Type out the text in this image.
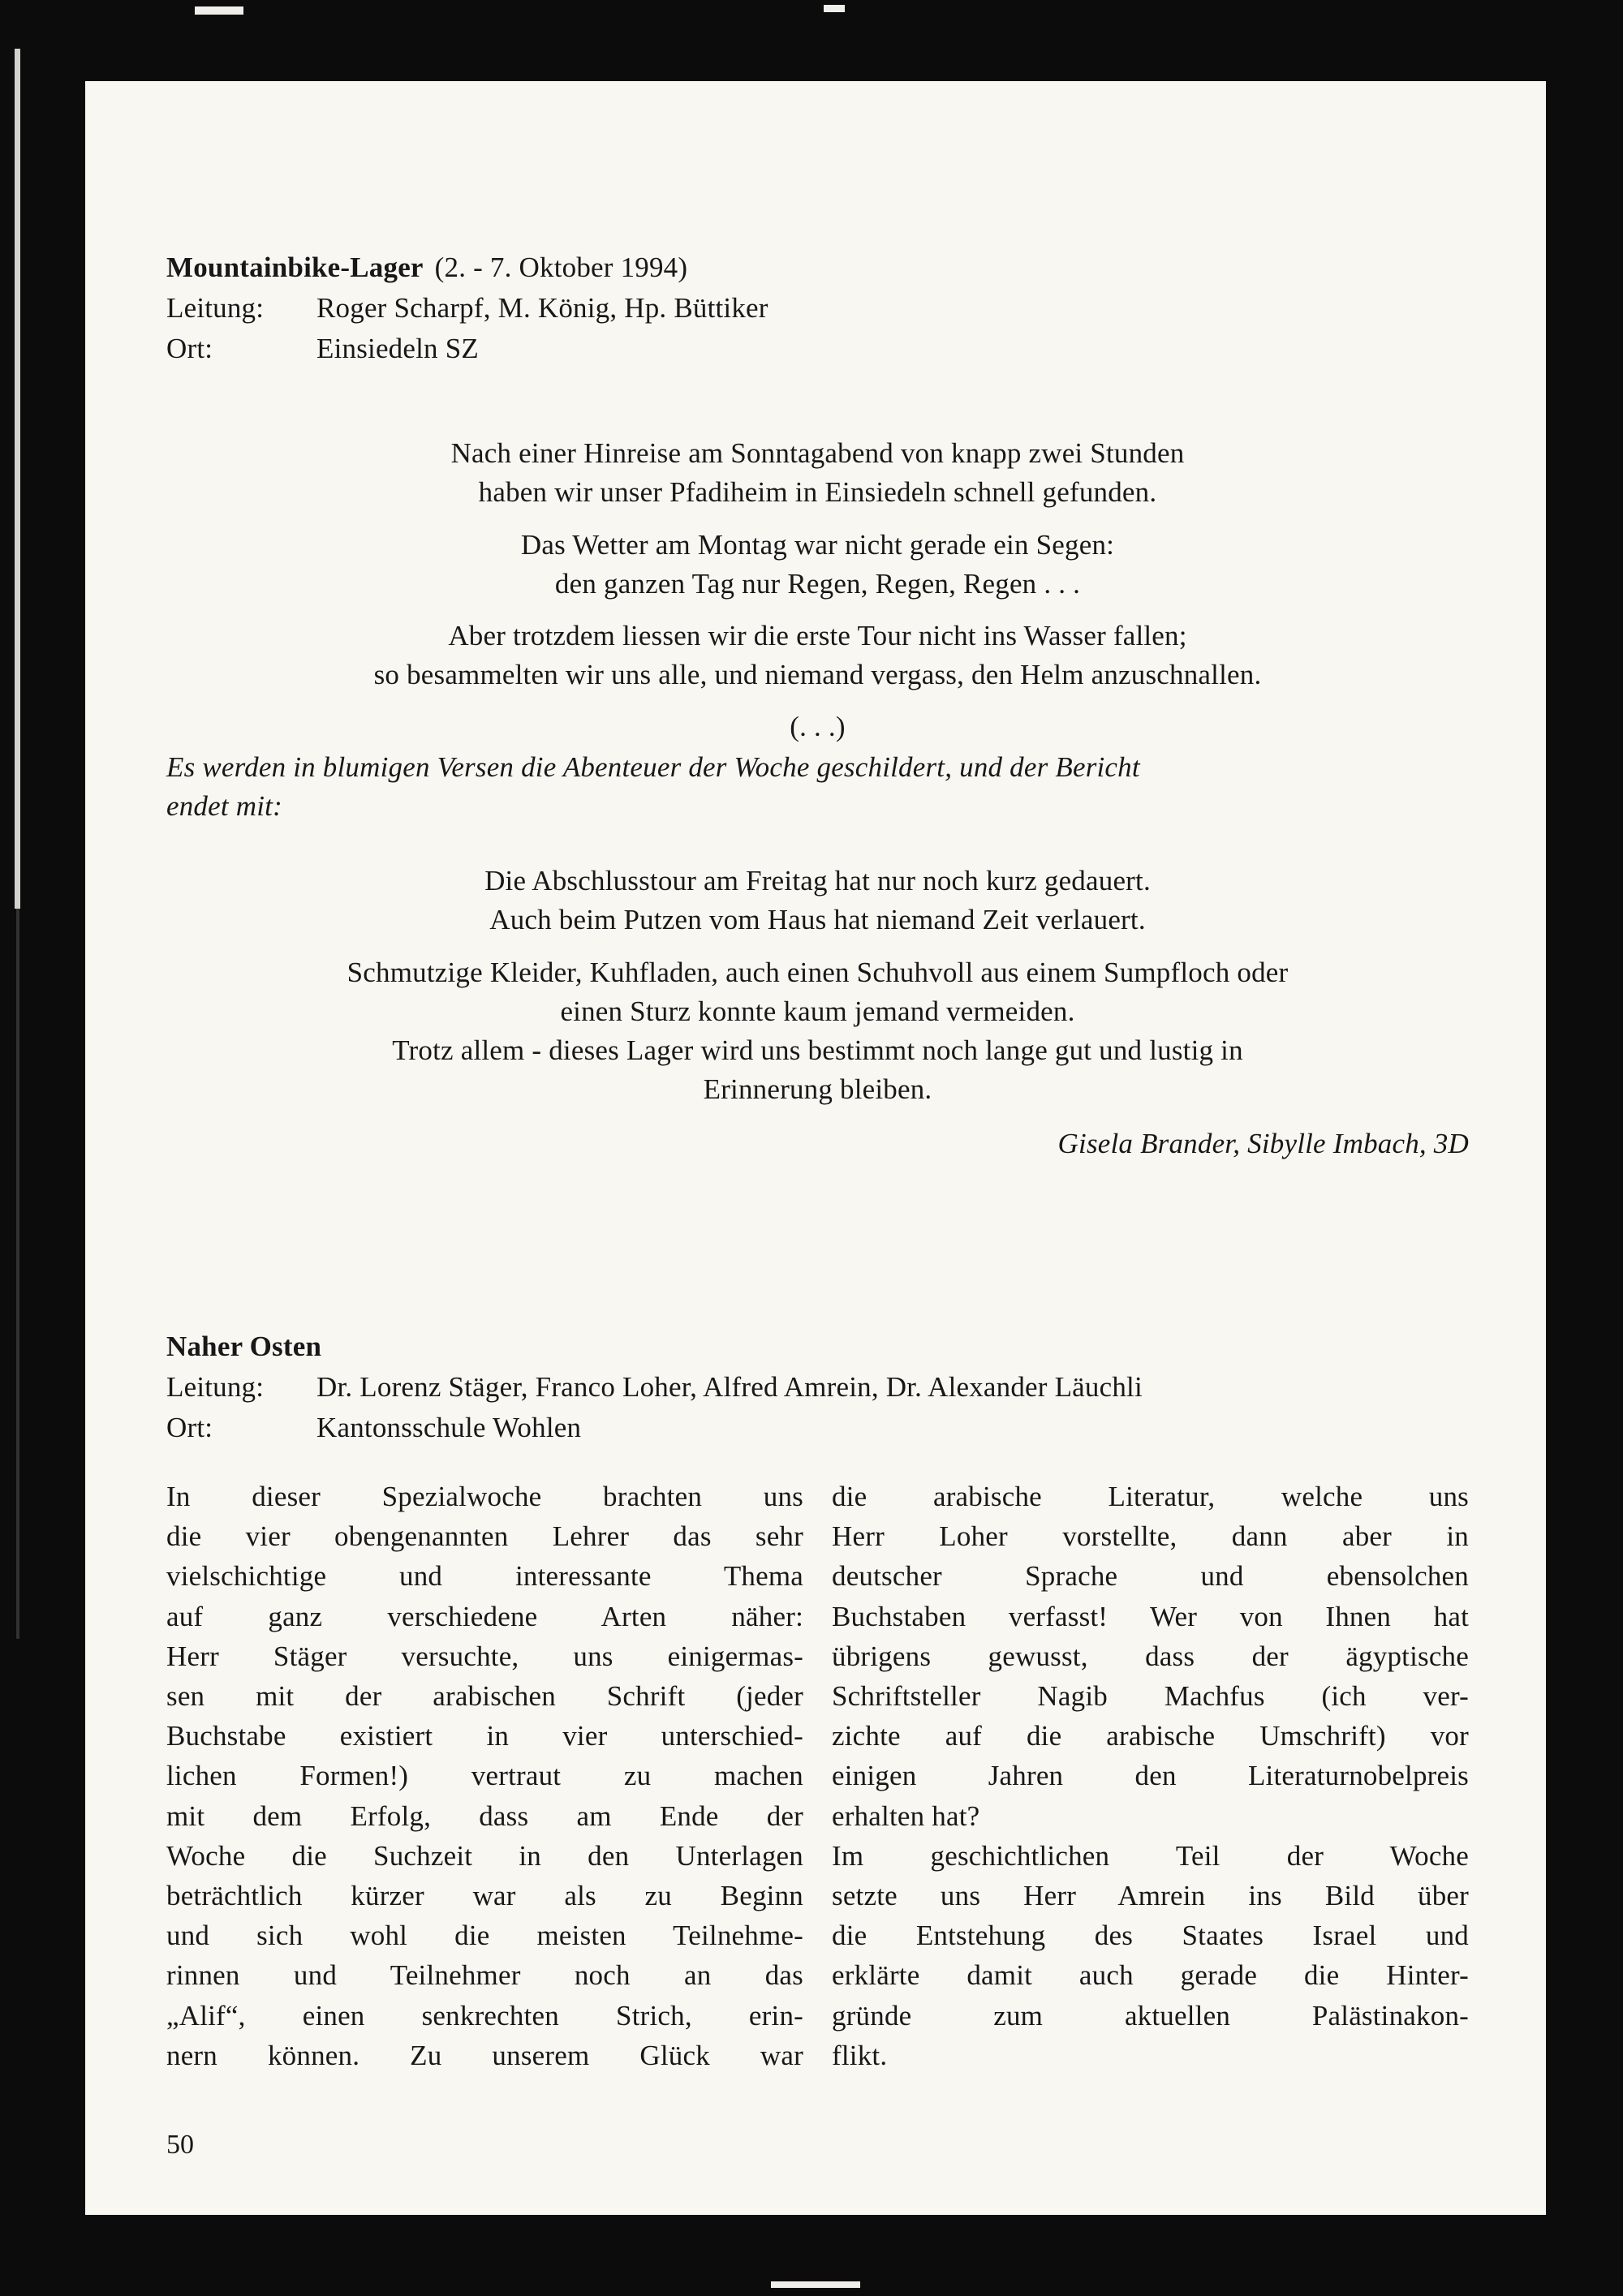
Mountainbike-Lager (2. - 7. Oktober 1994)
Leitung: Roger Scharpf, M. König, Hp. Büttiker
Ort:	Einsiedeln SZ
Nach einer Hinreise am Sonntagabend von knapp zwei Stunden
haben wir unser Pfadiheim in Einsiedeln schnell gefunden.
Das Wetter am Montag war nicht gerade ein Segen:
den ganzen Tag nur Regen, Regen, Regen . . .
Aber trotzdem liessen wir die erste Tour nicht ins Wasser fallen;
so besammelten wir uns alle, und niemand vergass, den Helm anzuschnallen.
(. . .)
Es werden in blumigen Versen die Abenteuer der Woche geschildert, und der Bericht
endet mit:
Die Abschlusstour am Freitag hat nur noch kurz gedauert.
Auch beim Putzen vom Haus hat niemand Zeit verlauert.
Schmutzige Kleider, Kuhfladen, auch einen Schuhvoll aus einem Sumpfloch oder
einen Sturz konnte kaum jemand vermeiden.
Trotz allem - dieses Lager wird uns bestimmt noch lange gut und lustig in
Erinnerung bleiben.
Gisela Brander, Sibylle Imbach, 3D
Naher Osten
Leitung: Dr. Lorenz Stäger, Franco Loher, Alfred Amrein, Dr. Alexander Läuchli
Ort:	Kantonsschule Wohlen
In dieser Spezialwoche brachten uns
die vier obengenannten Lehrer das sehr
vielschichtige und interessante Thema
auf ganz verschiedene Arten näher:
Herr Stäger versuchte, uns einigermas-
sen mit der arabischen Schrift (jeder
Buchstabe existiert in vier unterschied-
lichen Formen!) vertraut zu machen
mit dem Erfolg, dass am Ende der
Woche die Suchzeit in den Unterlagen
beträchtlich kürzer war als zu Beginn
und sich wohl die meisten Teilnehme-
rinnen und Teilnehmer noch an das
„Alif“, einen senkrechten Strich, erin-
nern können. Zu unserem Glück war
die arabische Literatur, welche uns
Herr Loher vorstellte, dann aber in
deutscher Sprache und ebensolchen
Buchstaben verfasst! Wer von Ihnen hat
übrigens gewusst, dass der ägyptische
Schriftsteller Nagib Machfus (ich ver-
zichte auf die arabische Umschrift) vor
einigen Jahren den Literaturnobelpreis
erhalten hat?
Im geschichtlichen Teil der Woche
setzte uns Herr Amrein ins Bild über
die Entstehung des Staates Israel und
erklärte damit auch gerade die Hinter-
gründe zum aktuellen Palästinakon-
flikt.
50
